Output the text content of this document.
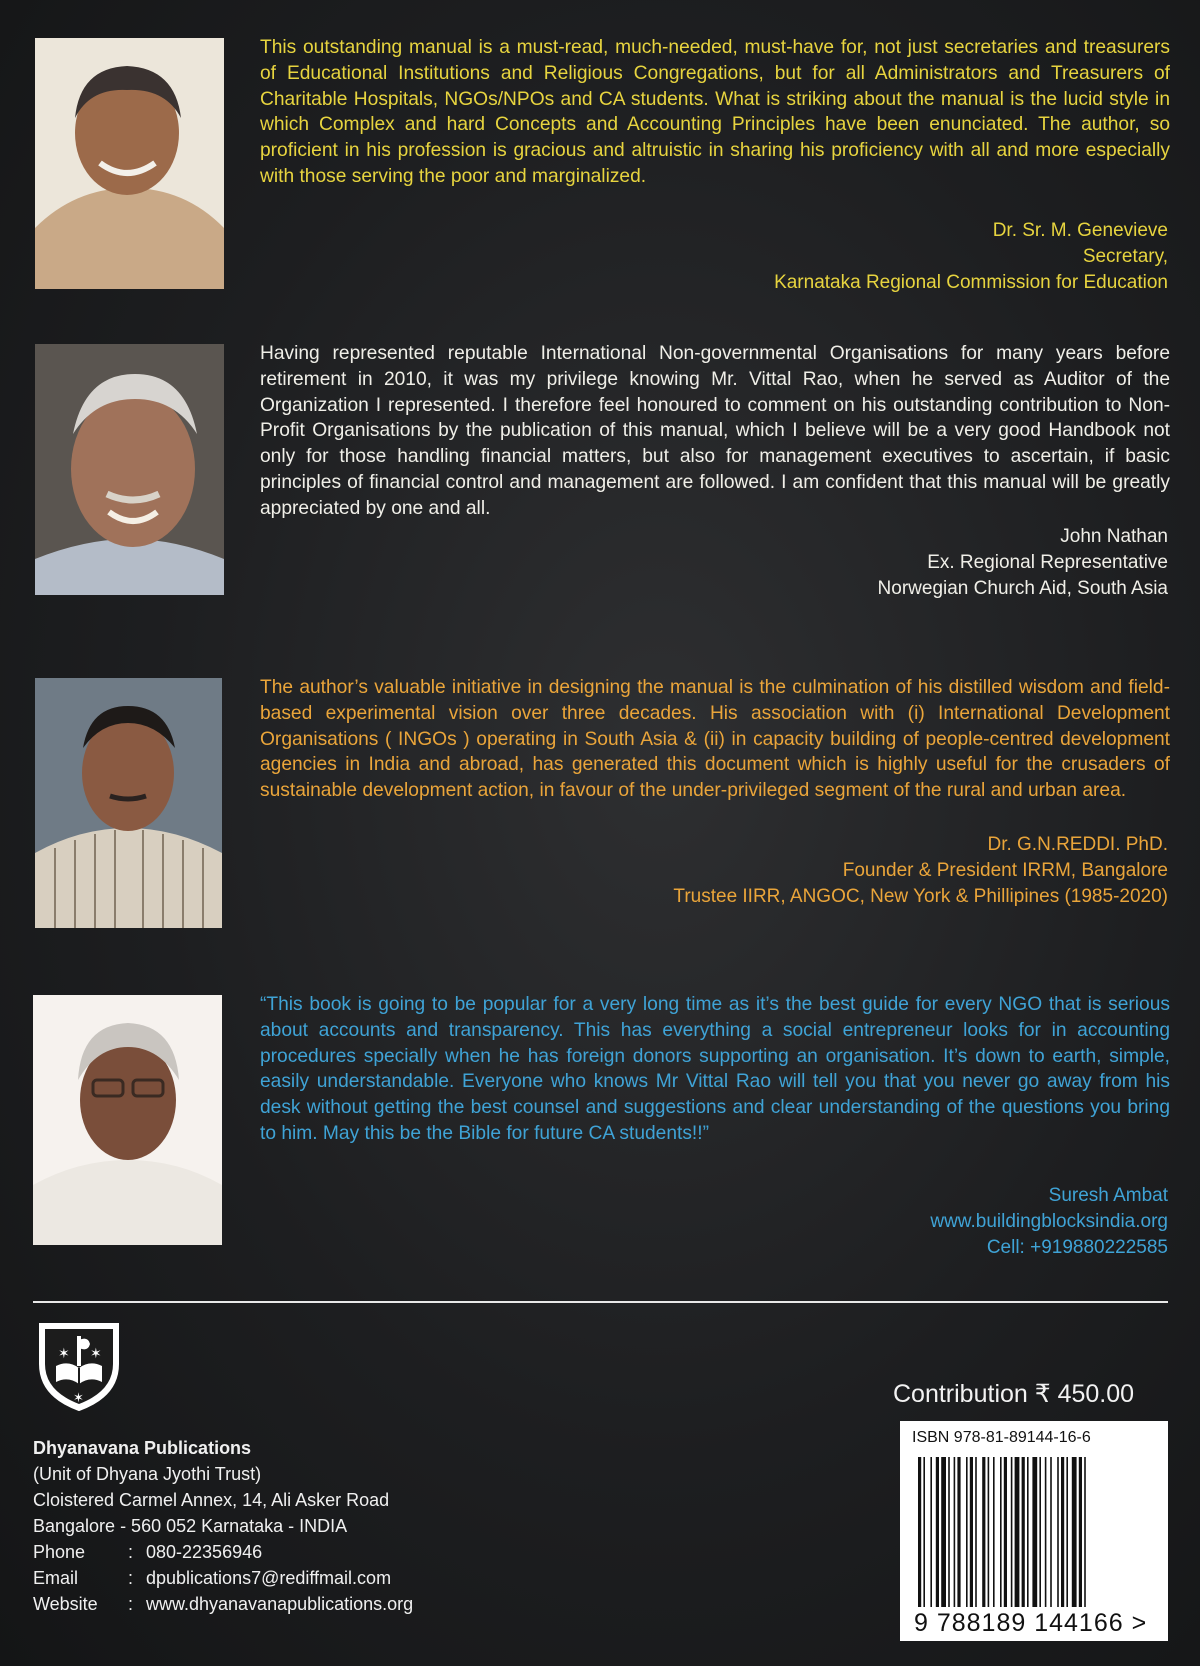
This outstanding manual is a must-read, much-needed, must-have for, not just secretaries and treasurers of Educational Institutions and Religious Congregations, but for all Administrators and Treasurers of Charitable Hospitals, NGOs/NPOs and CA students. What is striking about the manual is the lucid style in which Complex and hard Concepts and Accounting Principles have been enunciated. The author, so proficient in his profession is gracious and altruistic in sharing his proficiency with all and more especially with those serving the poor and marginalized.

Dr. Sr. M. Genevieve
Secretary,
Karnataka Regional Commission for Education

Having represented reputable International Non-governmental Organisations for many years before retirement in 2010, it was my privilege knowing Mr. Vittal Rao, when he served as Auditor of the Organization I represented. I therefore feel honoured to comment on his outstanding contribution to Non-Profit Organisations by the publication of this manual, which I believe will be a very good Handbook not only for those handling financial matters, but also for management executives to ascertain, if basic principles of financial control and management are followed. I am confident that this manual will be greatly appreciated by one and all.

John Nathan
Ex. Regional Representative
Norwegian Church Aid, South Asia

The author’s valuable initiative in designing the manual is the culmination of his distilled wisdom and field-based experimental vision over three decades. His association with (i) International Development Organisations ( INGOs ) operating in South Asia & (ii) in capacity building of people-centred development agencies in India and abroad, has generated this document which is highly useful for the crusaders of sustainable development action, in favour of the under-privileged segment of the rural and urban area.

Dr. G.N.REDDI. PhD.
Founder & President IRRM, Bangalore
Trustee IIRR, ANGOC, New York & Phillipines (1985-2020)

“This book is going to be popular for a very long time as it’s the best guide for every NGO that is serious about accounts and transparency. This has everything a social entrepreneur looks for in accounting procedures specially when he has foreign donors supporting an organisation. It’s down to earth, simple, easily understandable. Everyone who knows Mr Vittal Rao will tell you that you never go away from his desk without getting the best counsel and suggestions and clear understanding of the questions you bring to him. May this be the Bible for future CA students!!”

Suresh Ambat
www.buildingblocksindia.org
Cell: +919880222585
✶ ✶
✶
Dhyanavana Publications
(Unit of Dhyana Jyothi Trust)
Cloistered Carmel Annex, 14, Ali Asker Road
Bangalore - 560 052 Karnataka - INDIA
Phone	:	080-22356946
Email	:	dpublications7@rediffmail.com
Website	:	www.dhyanavanapublications.org
Contribution ₹ 450.00
ISBN 978-81-89144-16-6
9 788189 144166 >
